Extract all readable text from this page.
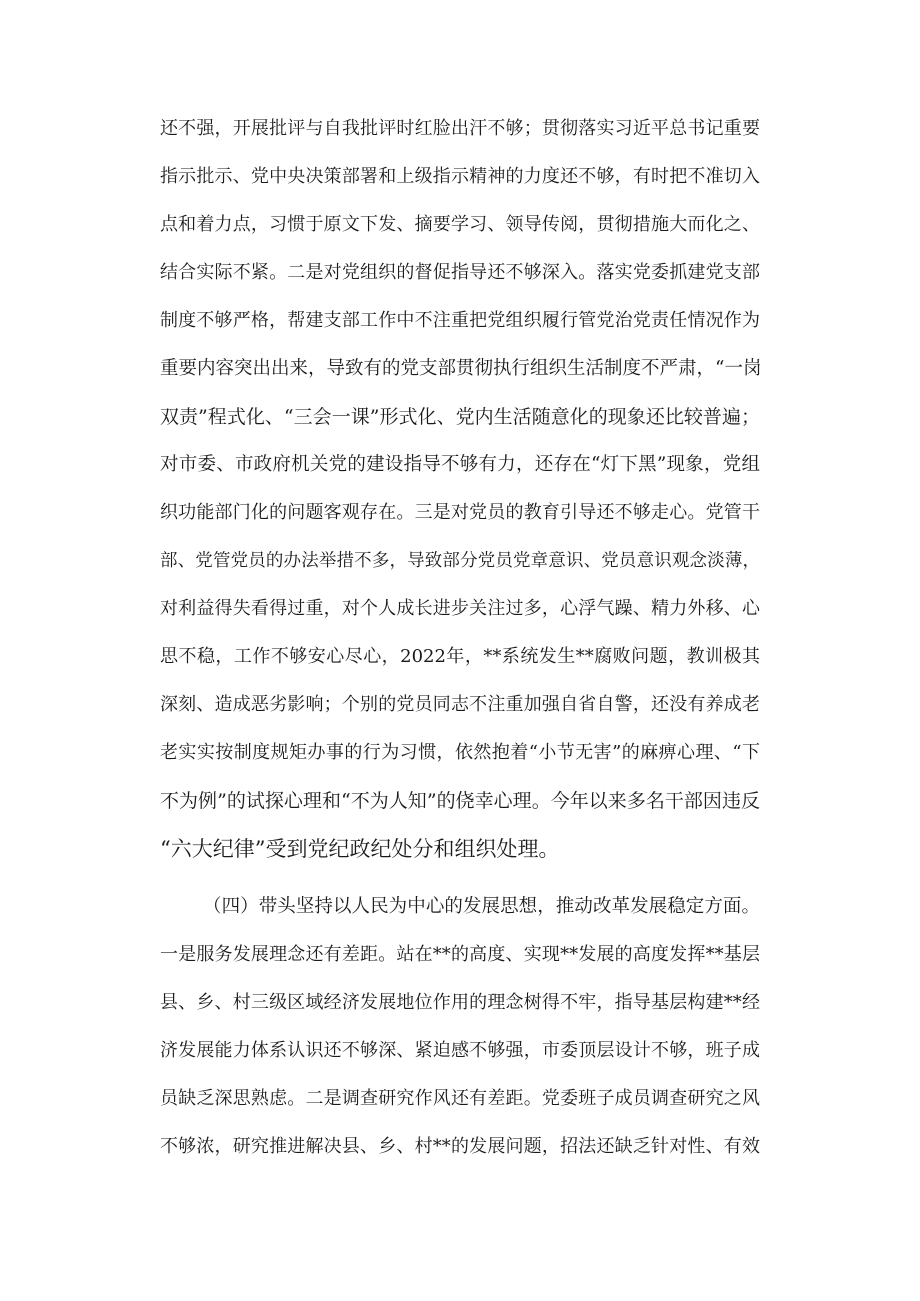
还不强，开展批评与自我批评时红脸出汗不够；贯彻落实习近平总书记重要
指示批示、党中央决策部署和上级指示精神的力度还不够，有时把不准切入
点和着力点，习惯于原文下发、摘要学习、领导传阅，贯彻措施大而化之、
结合实际不紧。二是对党组织的督促指导还不够深入。落实党委抓建党支部
制度不够严格，帮建支部工作中不注重把党组织履行管党治党责任情况作为
重要内容突出出来，导致有的党支部贯彻执行组织生活制度不严肃，“一岗
双责”程式化、“三会一课”形式化、党内生活随意化的现象还比较普遍；
对市委、市政府机关党的建设指导不够有力，还存在“灯下黑”现象，党组
织功能部门化的问题客观存在。三是对党员的教育引导还不够走心。党管干
部、党管党员的办法举措不多，导致部分党员党章意识、党员意识观念淡薄，
对利益得失看得过重，对个人成长进步关注过多，心浮气躁、精力外移、心
思不稳，工作不够安心尽心，2022年，**系统发生**腐败问题，教训极其
深刻、造成恶劣影响；个别的党员同志不注重加强自省自警，还没有养成老
老实实按制度规矩办事的行为习惯，依然抱着“小节无害”的麻痹心理、“下
不为例”的试探心理和“不为人知”的侥幸心理。今年以来多名干部因违反
“六大纪律”受到党纪政纪处分和组织处理。
（四）带头坚持以人民为中心的发展思想，推动改革发展稳定方面。
一是服务发展理念还有差距。站在**的高度、实现**发展的高度发挥**基层
县、乡、村三级区域经济发展地位作用的理念树得不牢，指导基层构建**经
济发展能力体系认识还不够深、紧迫感不够强，市委顶层设计不够，班子成
员缺乏深思熟虑。二是调查研究作风还有差距。党委班子成员调查研究之风
不够浓，研究推进解决县、乡、村**的发展问题，招法还缺乏针对性、有效
